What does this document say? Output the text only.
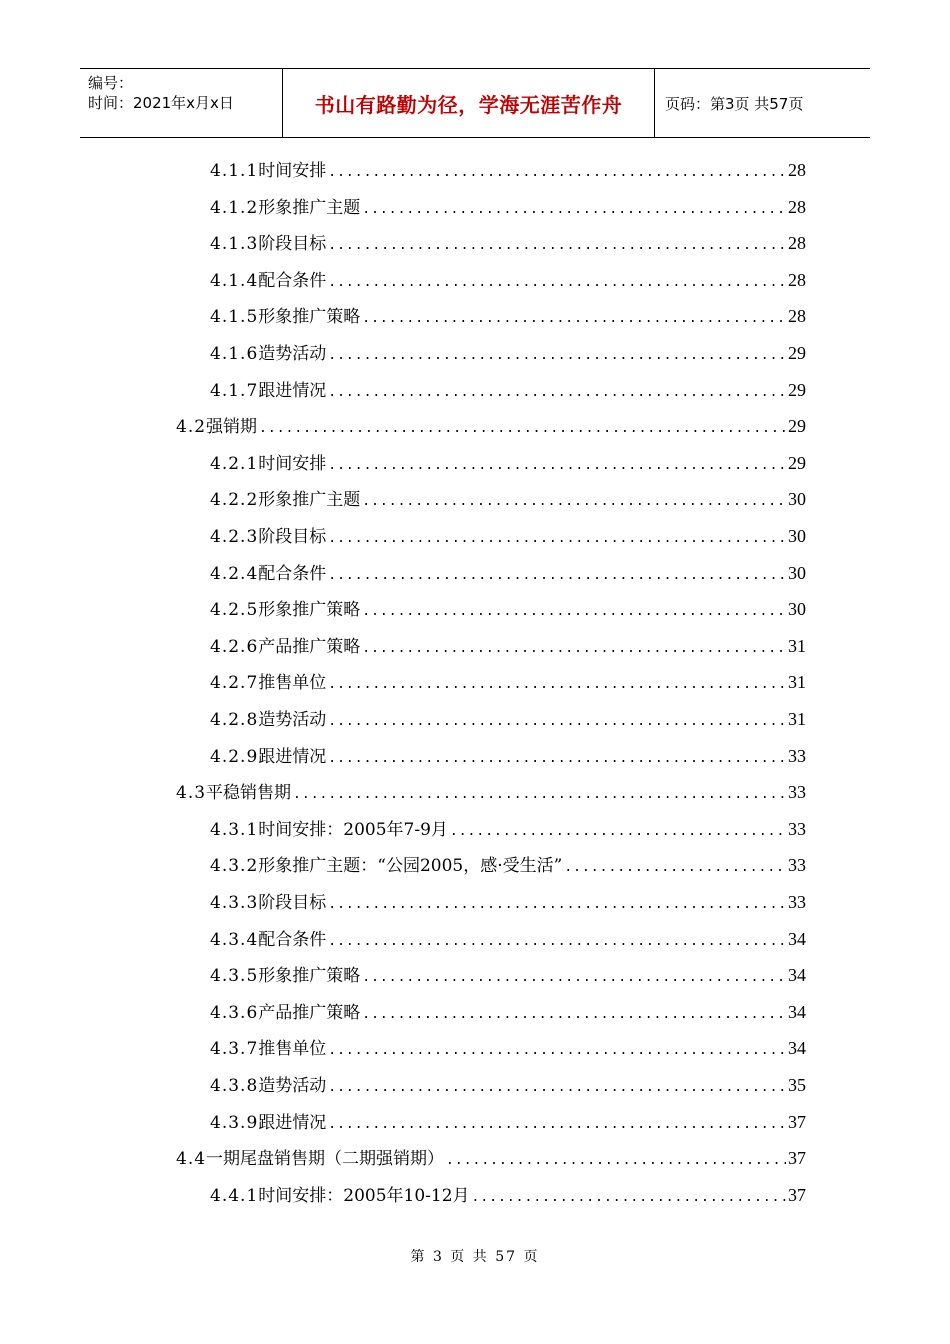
编号：
时间：2021年x月x日	书山有路勤为径，学海无涯苦作舟	页码：第3页 共57页
4.1.1 时间安排 .....	28
4.1.2 形象推广主题 .....	28
4.1.3 阶段目标 .....	28
4.1.4 配合条件 .....	28
4.1.5 形象推广策略 .....	28
4.1.6 造势活动 .....	29
4.1.7 跟进情况 .....	29
4.2 强销期 .....	29
4.2.1 时间安排 .....	29
4.2.2 形象推广主题 .....	30
4.2.3 阶段目标 .....	30
4.2.4 配合条件 .....	30
4.2.5 形象推广策略 .....	30
4.2.6 产品推广策略 .....	31
4.2.7 推售单位 .....	31
4.2.8 造势活动 .....	31
4.2.9 跟进情况 .....	33
4.3 平稳销售期 .....	33
4.3.1 时间安排：2005年7-9月 .....	33
4.3.2 形象推广主题：“公园2005，感·受生活” .....	33
4.3.3 阶段目标 .....	33
4.3.4 配合条件 .....	34
4.3.5 形象推广策略 .....	34
4.3.6 产品推广策略 .....	34
4.3.7 推售单位 .....	34
4.3.8 造势活动 .....	35
4.3.9 跟进情况 .....	37
4.4 一期尾盘销售期（二期强销期） .....	37
4.4.1 时间安排：2005年10-12月 .....	37
第 3 页 共 57 页
